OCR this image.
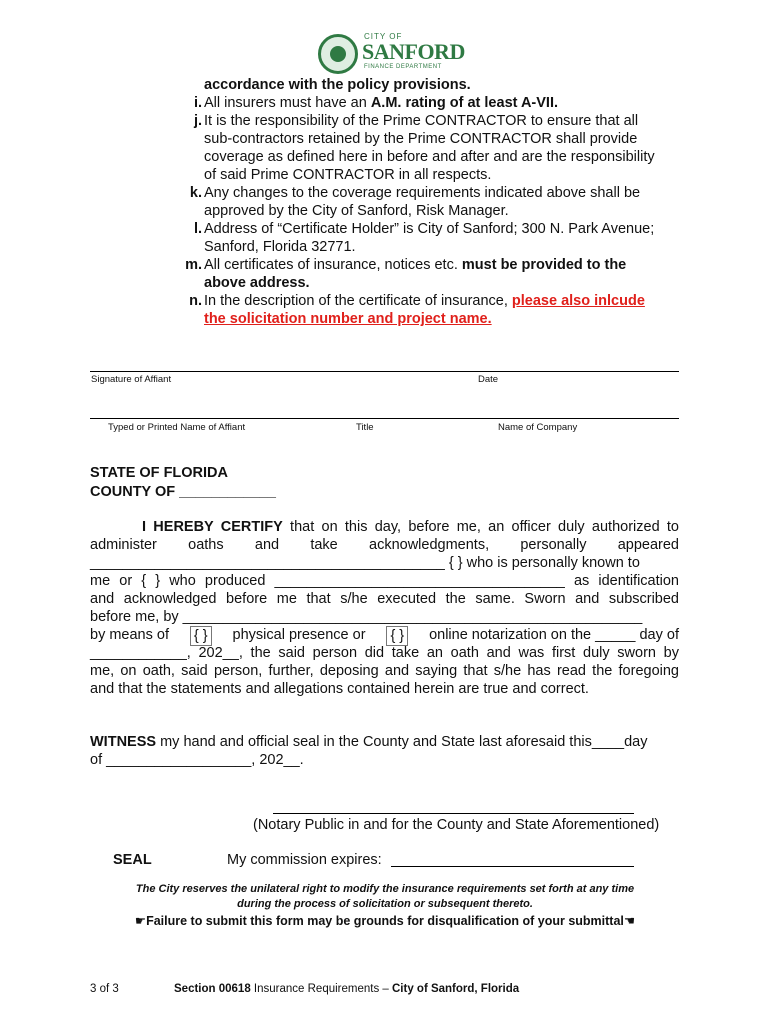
CITY OF
SANFORD
FINANCE DEPARTMENT
accordance with the policy provisions.
i. All insurers must have an A.M. rating of at least A-VII.
j. It is the responsibility of the Prime CONTRACTOR to ensure that all
sub-contractors retained by the Prime CONTRACTOR shall provide
coverage as defined here in before and after and are the responsibility
of said Prime CONTRACTOR in all respects.
k. Any changes to the coverage requirements indicated above shall be
approved by the City of Sanford, Risk Manager.
l. Address of “Certificate Holder” is City of Sanford; 300 N. Park Avenue;
Sanford, Florida 32771.
m. All certificates of insurance, notices etc. must be provided to the
above address.
n. In the description of the certificate of insurance, please also inlcude
the solicitation number and project name.
Signature of Affiant	Date
Typed or Printed Name of Affiant	Title	Name of Company
STATE OF FLORIDA
COUNTY OF ____________
I HEREBY CERTIFY that on this day, before me, an officer duly authorized to
administer oaths and take acknowledgments, personally appeared
____________________________________________ { } who is personally known to
me or { } who produced ____________________________________ as identification
and acknowledged before me that s/he executed the same. Sworn and subscribed
before me, by _________________________________________________________
by means of { } physical presence or { } online notarization on the _____ day of
____________, 202__, the said person did take an oath and was first duly sworn by
me, on oath, said person, further, deposing and saying that s/he has read the foregoing
and that the statements and allegations contained herein are true and correct.
WITNESS my hand and official seal in the County and State last aforesaid this____day
of __________________, 202__.
(Notary Public in and for the County and State Aforementioned)
SEAL	My commission expires:
The City reserves the unilateral right to modify the insurance requirements set forth at any time
during the process of solicitation or subsequent thereto.
☛Failure to submit this form may be grounds for disqualification of your submittal☚
3 of 3	Section 00618 Insurance Requirements – City of Sanford, Florida
